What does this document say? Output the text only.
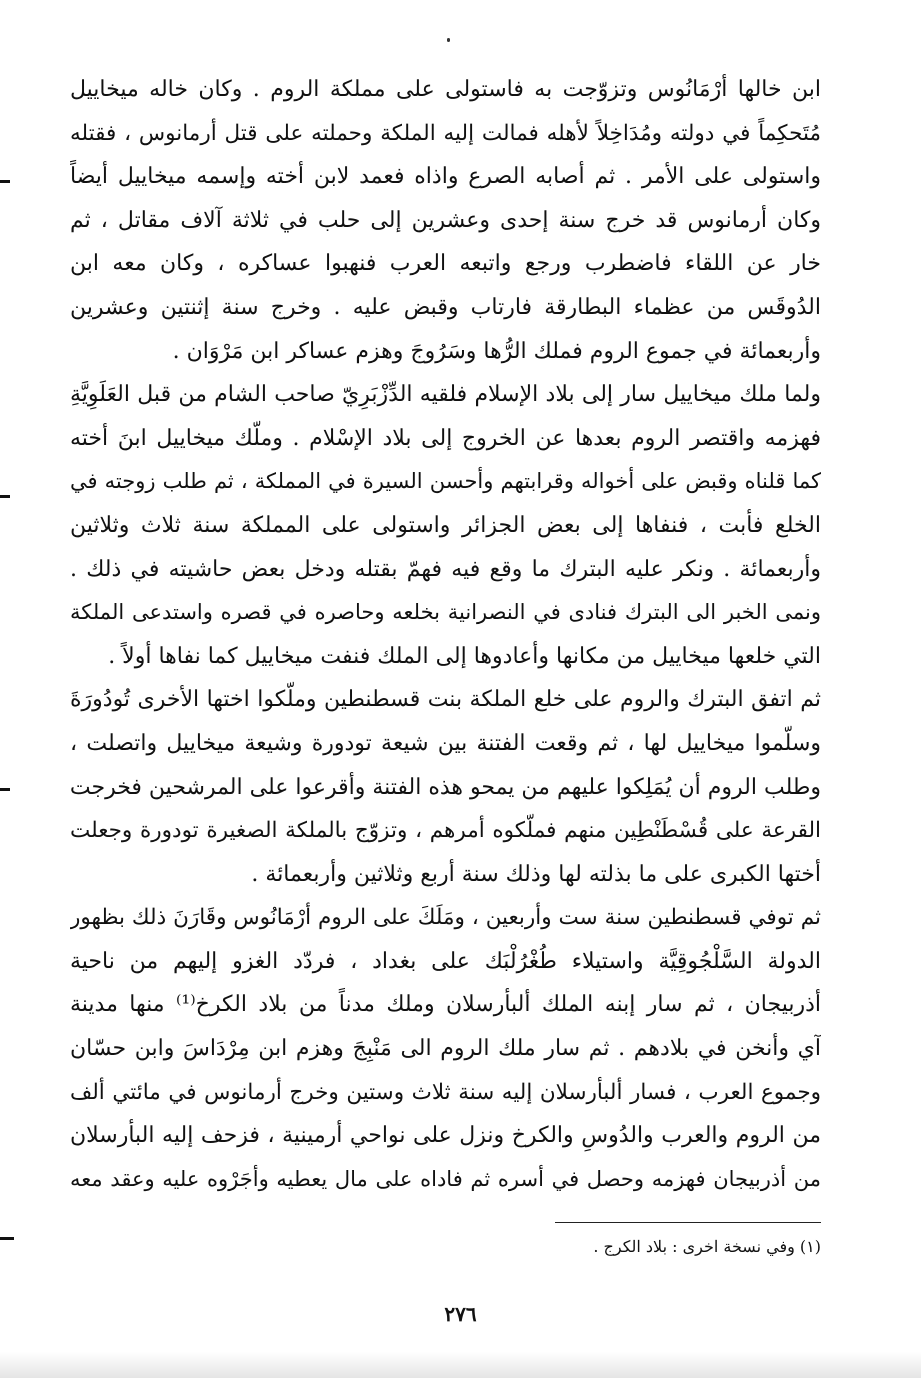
ابن خالها أرْمَانُوس وتزوّجت به فاستولى على مملكة الروم . وكان خاله ميخاييل
مُتَحكِماً في دولته ومُدَاخِلاً لأهله فمالت إليه الملكة وحملته على قتل أرمانوس ، فقتله
واستولى على الأمر . ثم أصابه الصرع واذاه فعمد لابن أخته وإسمه ميخاييل أيضاً
وكان أرمانوس قد خرج سنة إحدى وعشرين إلى حلب في ثلاثة آلاف مقاتل ، ثم
خار عن اللقاء فاضطرب ورجع واتبعه العرب فنهبوا عساكره ، وكان معه ابن
الدُوقَس من عظماء البطارقة فارتاب وقبض عليه . وخرج سنة إثنتين وعشرين
وأربعمائة في جموع الروم فملك الرُّها وسَرُوجَ وهزم عساكر ابن مَرْوَان .
ولما ملك ميخاييل سار إلى بلاد الإسلام فلقيه الدِّزْبَرِيّ صاحب الشام من قبل العَلَوِيَّةِ
فهزمه واقتصر الروم بعدها عن الخروج إلى بلاد الإسْلام . وملّك ميخاييل ابنَ أخته
كما قلناه وقبض على أخواله وقرابتهم وأحسن السيرة في المملكة ، ثم طلب زوجته في
الخلع فأبت ، فنفاها إلى بعض الجزائر واستولى على المملكة سنة ثلاث وثلاثين
وأربعمائة . ونكر عليه البترك ما وقع فيه فهمّ بقتله ودخل بعض حاشيته في ذلك .
ونمى الخبر الى البترك فنادى في النصرانية بخلعه وحاصره في قصره واستدعى الملكة
التي خلعها ميخاييل من مكانها وأعادوها إلى الملك فنفت ميخاييل كما نفاها أولاً .
ثم اتفق البترك والروم على خلع الملكة بنت قسطنطين وملّكوا اختها الأخرى تُودُورَةَ
وسلّموا ميخاييل لها ، ثم وقعت الفتنة بين شيعة تودورة وشيعة ميخاييل واتصلت ،
وطلب الروم أن يُمَلِكوا عليهم من يمحو هذه الفتنة وأقرعوا على المرشحين فخرجت
القرعة على قُسْطَنْطِين منهم فملّكوه أمرهم ، وتزوّج بالملكة الصغيرة تودورة وجعلت
أختها الكبرى على ما بذلته لها وذلك سنة أربع وثلاثين وأربعمائة .
ثم توفي قسطنطين سنة ست وأربعين ، ومَلَكَ على الروم أرْمَانُوس وقَارَنَ ذلك بظهور
الدولة السَّلْجُوقِيَّة واستيلاء طُغْرُلْبَك على بغداد ، فردّد الغزو إليهم من ناحية
أذربيجان ، ثم سار إبنه الملك ألبأرسلان وملك مدناً من بلاد الكرخ⁽¹⁾ منها مدينة
آي وأنخن في بلادهم . ثم سار ملك الروم الى مَنْبِجَ وهزم ابن مِرْدَاسَ وابن حسّان
وجموع العرب ، فسار ألبأرسلان إليه سنة ثلاث وستين وخرج أرمانوس في مائتي ألف
من الروم والعرب والدُوسِ والكرخ ونزل على نواحي أرمينية ، فزحف إليه البأرسلان
من أذربيجان فهزمه وحصل في أسره ثم فاداه على مال يعطيه وأجَرْوه عليه وعقد معه
(١) وفي نسخة اخرى : بلاد الكرج .
٢٧٦
